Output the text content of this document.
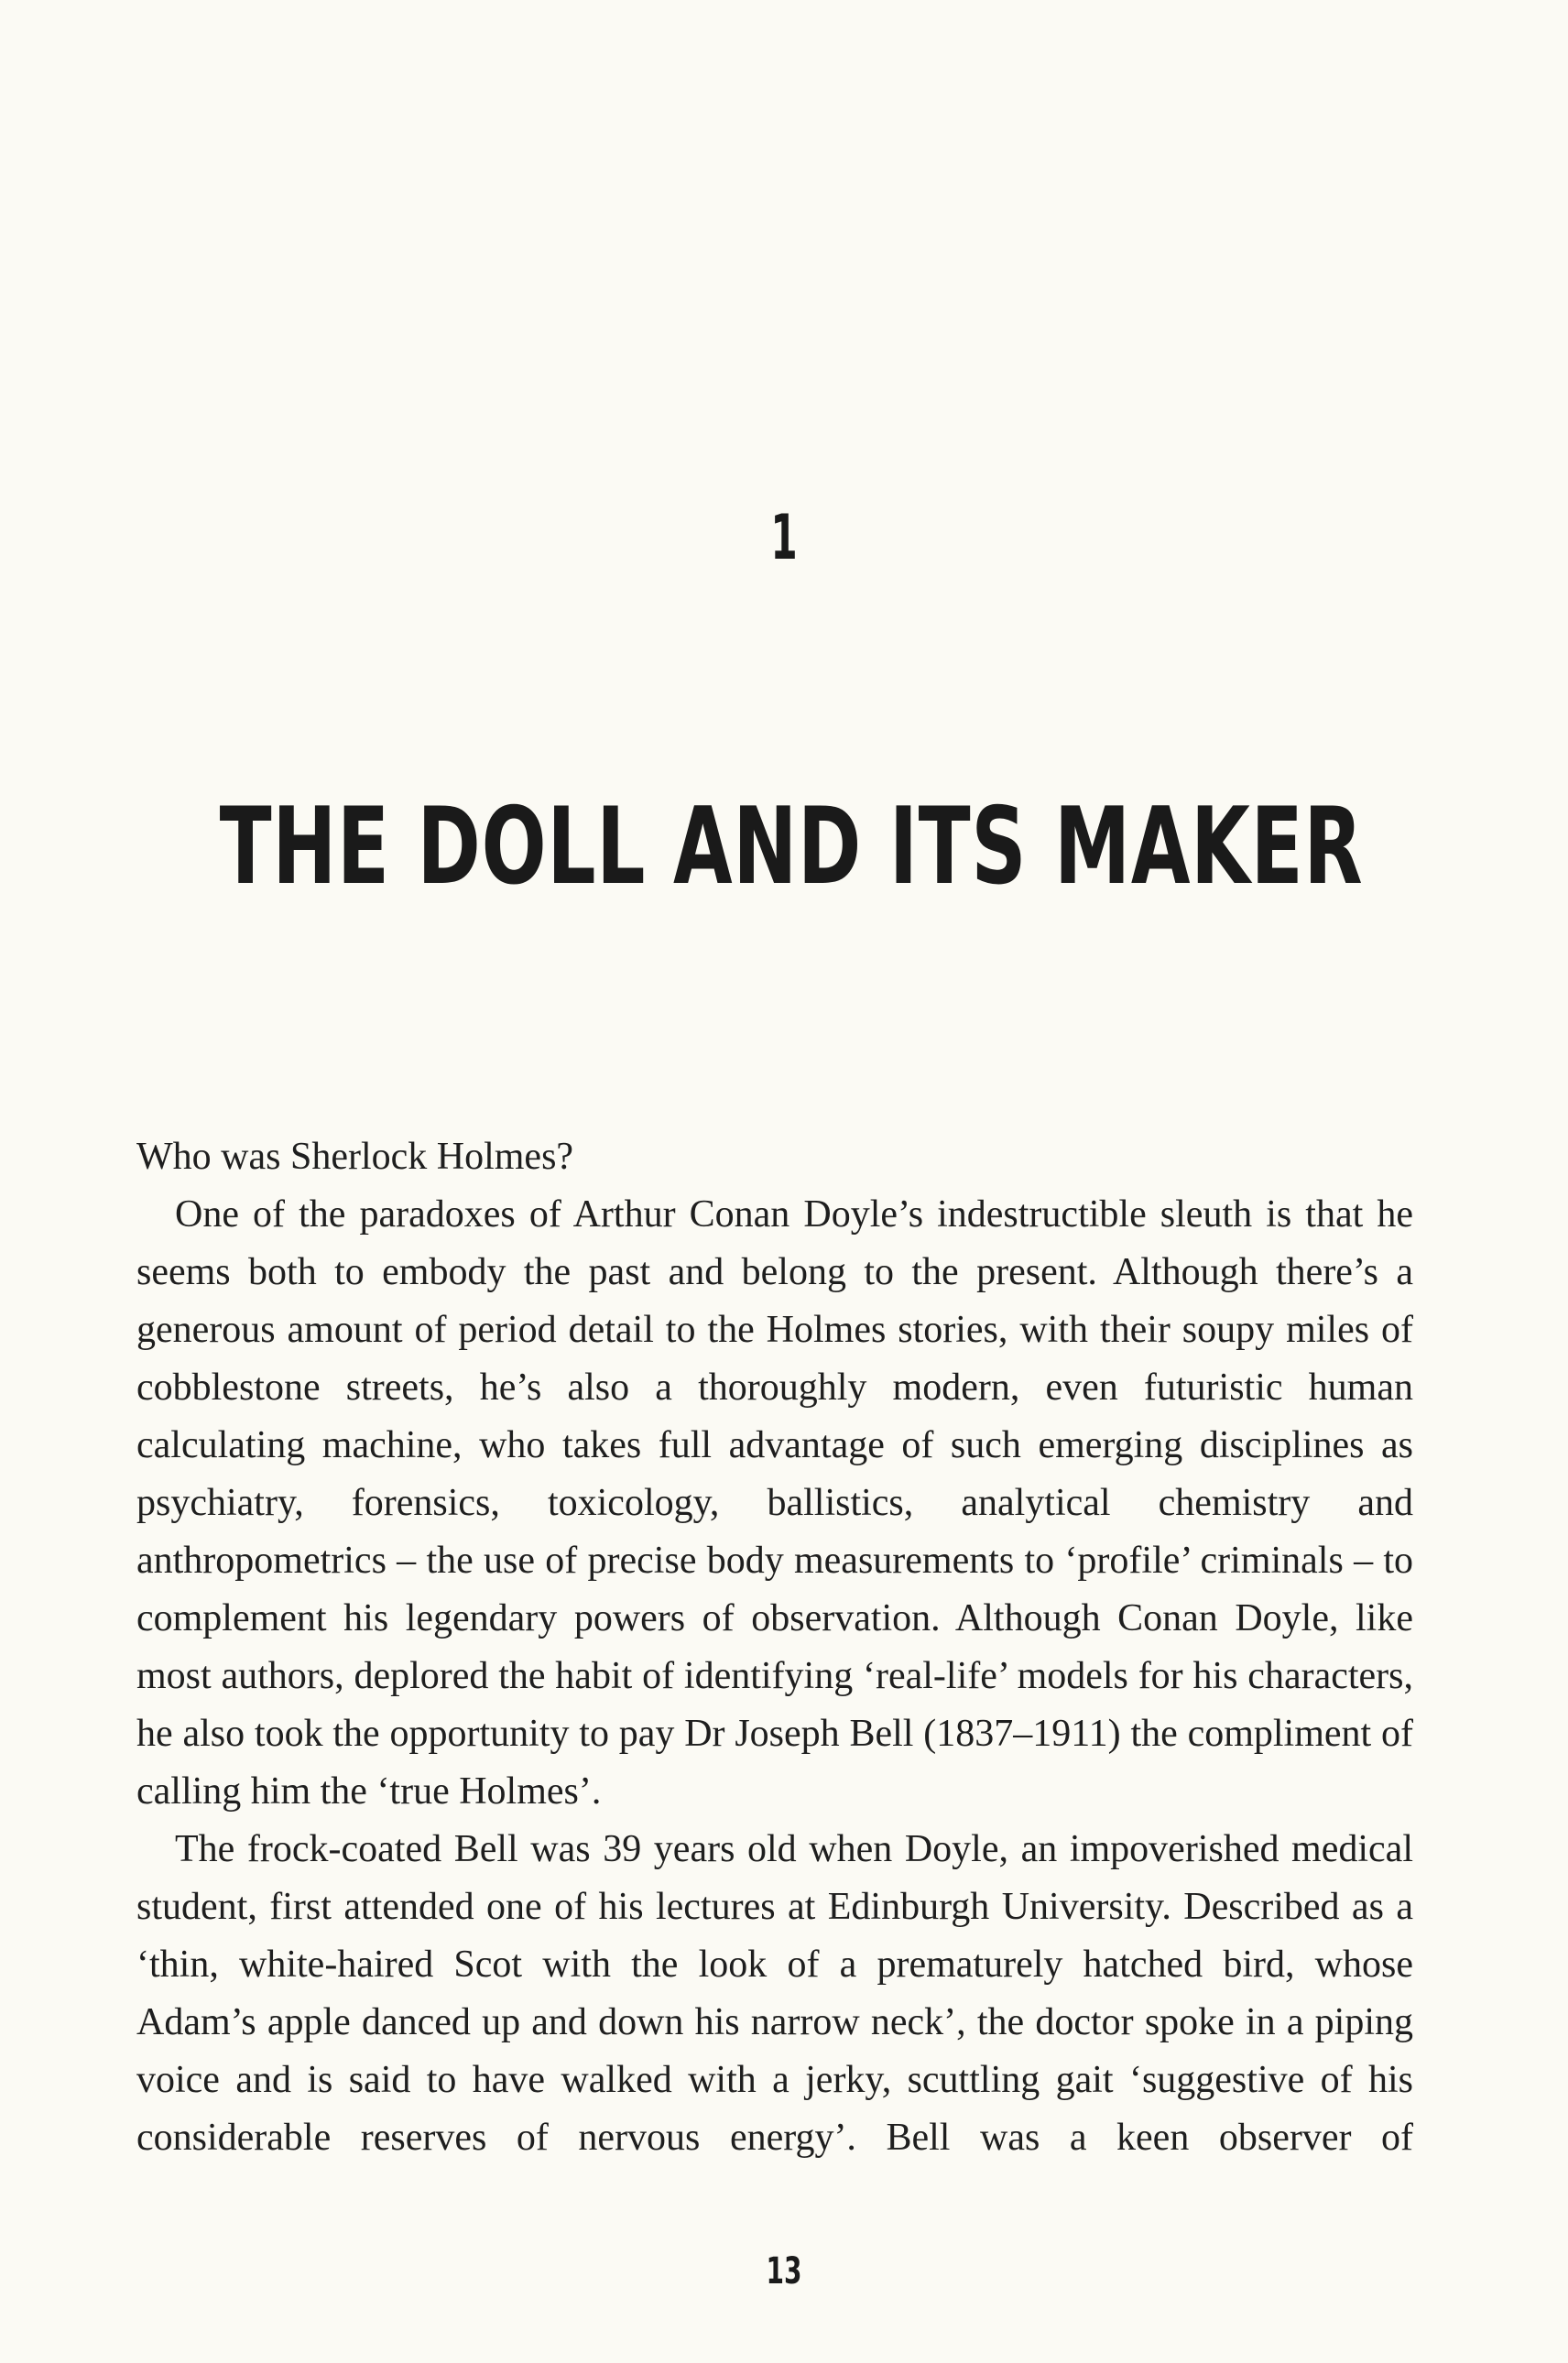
1
THE DOLL AND ITS MAKER

Who was Sherlock Holmes?

One of the paradoxes of Arthur Conan Doyle’s indestructible sleuth is that he seems both to embody the past and belong to the present. Although there’s a generous amount of period detail to the Holmes stories, with their soupy miles of cobblestone streets, he’s also a thoroughly modern, even futuristic human calculating machine, who takes full advantage of such emerging disciplines as psychiatry, forensics, toxicology, ballistics, analytical chemistry and anthropometrics – the use of precise body measurements to ‘profile’ criminals – to complement his legendary powers of observation. Although Conan Doyle, like most authors, deplored the habit of identifying ‘real-life’ models for his characters, he also took the opportunity to pay Dr Joseph Bell (1837–1911) the compliment of calling him the ‘true Holmes’.

The frock-coated Bell was 39 years old when Doyle, an impoverished medical student, first attended one of his lectures at Edinburgh University. Described as a ‘thin, white-haired Scot with the look of a prematurely hatched bird, whose Adam’s apple danced up and down his narrow neck’, the doctor spoke in a piping voice and is said to have walked with a jerky, scuttling gait ‘suggestive of his considerable reserves of nervous energy’. Bell was a keen observer of

13
